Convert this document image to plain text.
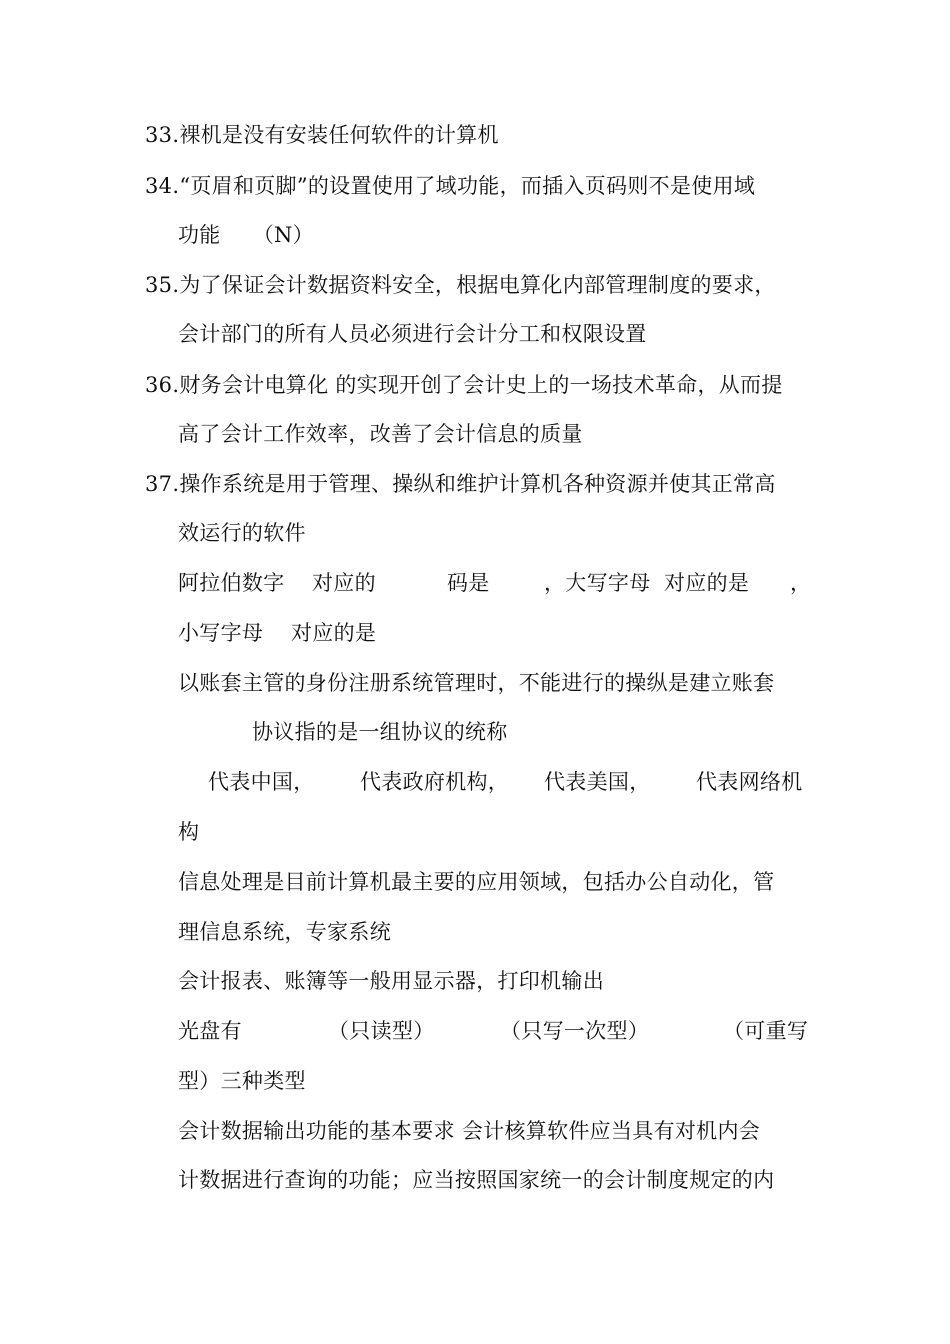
33.裸机是没有安装任何软件的计算机
34.“页眉和页脚”的设置使用了域功能，而插入页码则不是使用域
功能　　（N）
35.为了保证会计数据资料安全，根据电算化内部管理制度的要求，
会计部门的所有人员必须进行会计分工和权限设置
36.财务会计电算化 的实现开创了会计史上的一场技术革命，从而提
高了会计工作效率，改善了会计信息的质量
37.操作系统是用于管理、操纵和维护计算机各种资源并使其正常高
效运行的软件
阿拉伯数字 对应的	码是	，大写字母 对应的是 ，
小写字母 对应的是
以账套主管的身份注册系统管理时，不能进行的操纵是建立账套
协议指的是一组协议的统称
代表中国， 代表政府机构， 代表美国， 代表网络机
构
信息处理是目前计算机最主要的应用领域，包括办公自动化，管
理信息系统，专家系统
会计报表、账簿等一般用显示器，打印机输出
光盘有	（只读型）	（只写一次型）	（可重写
型）三种类型
会计数据输出功能的基本要求 会计核算软件应当具有对机内会
计数据进行查询的功能；应当按照国家统一的会计制度规定的内
